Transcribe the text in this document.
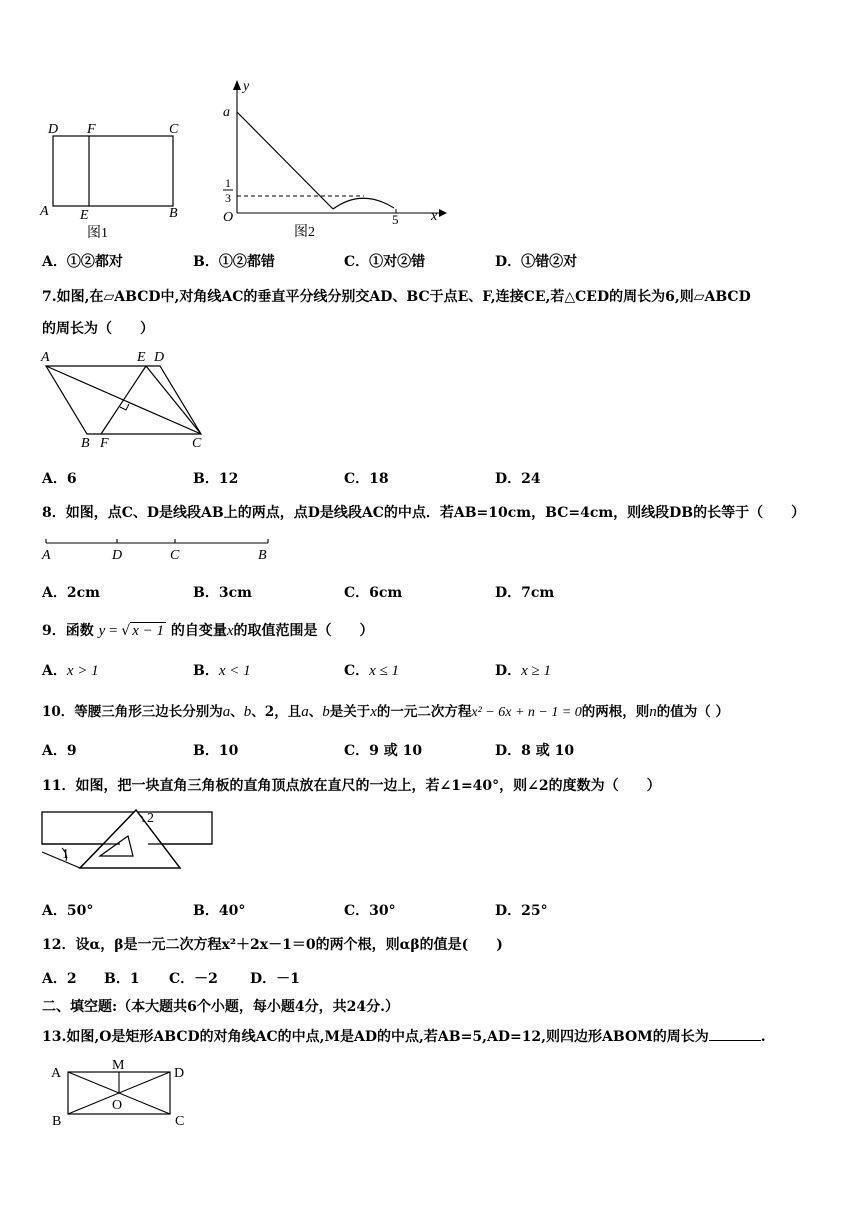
D F	C
A E	B
图1
y
a
1
3
O	5 x
图2
A．①②都对	B．①②都错	C．①对②错	D．①错②对
7.如图,在▱ABCD中,对角线AC的垂直平分线分别交AD、BC于点E、F,连接CE,若△CED的周长为6,则▱ABCD
的周长为（　　）
A	E D
B F	C
A．6	B．12	C．18	D．24
8．如图，点C、D是线段AB上的两点，点D是线段AC的中点．若AB=10cm，BC=4cm，则线段DB的长等于（　　）
A	D	C	B
A．2cm	B．3cm	C．6cm	D．7cm
9．函数 y = √ x − 1 的自变量x的取值范围是（　　）
A．x > 1	B．x < 1	C．x ≤ 1	D．x ≥ 1
10．等腰三角形三边长分别为a、b、2，且a、b是关于x的一元二次方程x² − 6x + n − 1 = 0的两根，则n的值为（ ）
A．9	B．10	C．9 或 10	D．8 或 10
11．如图，把一块直角三角板的直角顶点放在直尺的一边上，若∠1=40°，则∠2的度数为（　　）
2
1
A．50°	B．40°	C．30°	D．25°
12．设α，β是一元二次方程x²＋2x－1＝0的两个根，则αβ的值是(　　)
A．2 B．1 C．－2 D．－1
二、填空题:（本大题共6个小题，每小题4分，共24分.）
13.如图,O是矩形ABCD的对角线AC的中点,M是AD的中点,若AB=5,AD=12,则四边形ABOM的周长为	.
A
M
D
O
B	C
